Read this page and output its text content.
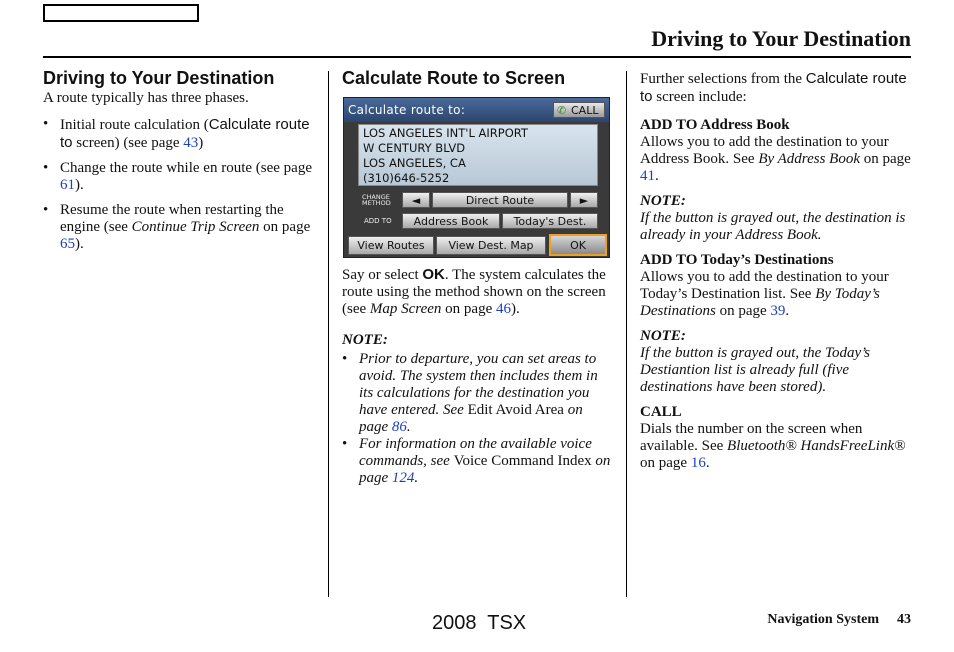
Driving to Your Destination
Driving to Your Destination

A route typically has three phases.

• Initial route calculation (Calculate route to screen) (see page 43)
• Change the route while en route (see page 61).
• Resume the route when restarting the engine (see Continue Trip Screen on page 65).
Calculate Route to Screen
Calculate route to:	✆ CALL
LOS ANGELES INT'L AIRPORT
W CENTURY BLVD
LOS ANGELES, CA
(310)646-5252
CHANGE
METHOD	◄	Direct Route	►
ADD TO	Address Book	Today's Dest.
View Routes	View Dest. Map	OK

Say or select OK. The system calculates the route using the method shown on the screen (see Map Screen on page 46).

NOTE:

• Prior to departure, you can set areas to avoid. The system then includes them in its calculations for the destination you have entered. See Edit Avoid Area on page 86.
• For information on the available voice commands, see Voice Command Index on page 124.

Further selections from the Calculate route to screen include:

ADD TO Address Book

Allows you to add the destination to your Address Book. See By Address Book on page 41.

NOTE:

If the button is grayed out, the destination is already in your Address Book.

ADD TO Today’s Destinations

Allows you to add the destination to your Today’s Destination list. See By Today’s Destinations on page 39.

NOTE:

If the button is grayed out, the Today’s Destiantion list is already full (five destinations have been stored).

CALL

Dials the number on the screen when available. See Bluetooth® HandsFreeLink® on page 16.

2008  TSX	Navigation System 43
